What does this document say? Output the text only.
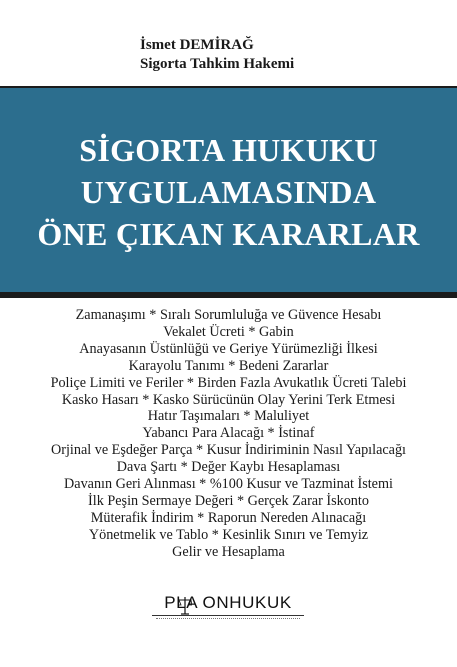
İsmet DEMİRAĞ
Sigorta Tahkim Hakemi
SİGORTA HUKUKU
UYGULAMASINDA
ÖNE ÇIKAN KARARLAR
Zamanaşımı * Sıralı Sorumluluğa ve Güvence Hesabı
Vekalet Ücreti * Gabin
Anayasanın Üstünlüğü ve Geriye Yürümezliği İlkesi
Karayolu Tanımı * Bedeni Zararlar
Poliçe Limiti ve Feriler * Birden Fazla Avukatlık Ücreti Talebi
Kasko Hasarı * Kasko Sürücünün Olay Yerini Terk Etmesi
Hatır Taşımaları * Maluliyet
Yabancı Para Alacağı * İstinaf
Orjinal ve Eşdeğer Parça * Kusur İndiriminin Nasıl Yapılacağı
Dava Şartı * Değer Kaybı Hesaplaması
Davanın Geri Alınması * %100 Kusur ve Tazminat İstemi
İlk Peşin Sermaye Değeri * Gerçek Zarar İskonto
Müterafik İndirim * Raporun Nereden Alınacağı
Yönetmelik ve Tablo * Kesinlik Sınırı ve Temyiz
Gelir ve Hesaplama
PLA ONHUKUK
